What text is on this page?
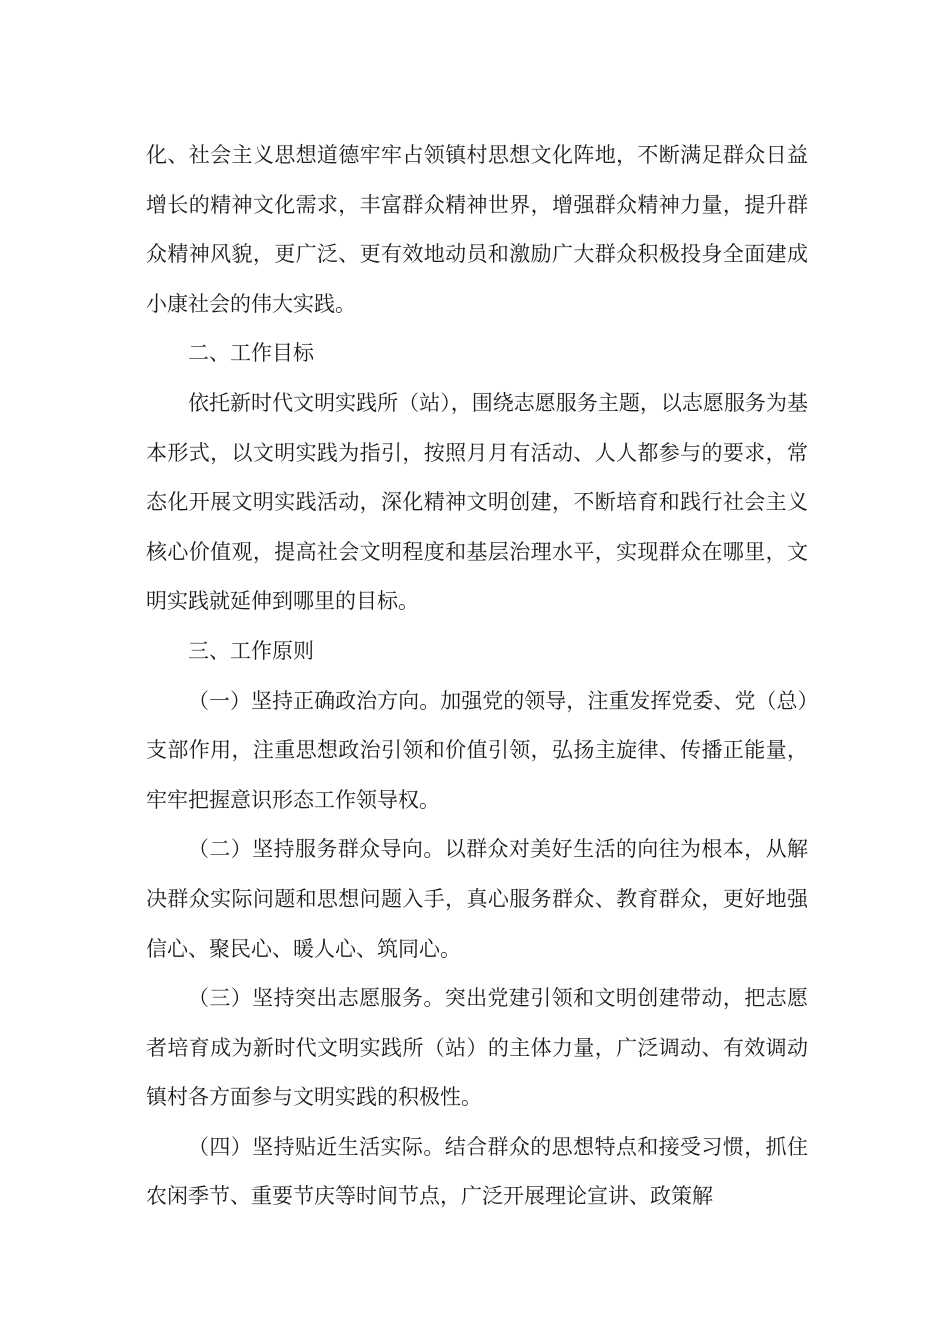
化、社会主义思想道德牢牢占领镇村思想文化阵地，不断满足群众日益增长的精神文化需求，丰富群众精神世界，增强群众精神力量，提升群众精神风貌，更广泛、更有效地动员和激励广大群众积极投身全面建成小康社会的伟大实践。

二、工作目标

依托新时代文明实践所（站），围绕志愿服务主题，以志愿服务为基本形式，以文明实践为指引，按照月月有活动、人人都参与的要求，常态化开展文明实践活动，深化精神文明创建，不断培育和践行社会主义核心价值观，提高社会文明程度和基层治理水平，实现群众在哪里，文明实践就延伸到哪里的目标。

三、工作原则

（一）坚持正确政治方向。加强党的领导，注重发挥党委、党（总）支部作用，注重思想政治引领和价值引领，弘扬主旋律、传播正能量，牢牢把握意识形态工作领导权。

（二）坚持服务群众导向。以群众对美好生活的向往为根本，从解决群众实际问题和思想问题入手，真心服务群众、教育群众，更好地强信心、聚民心、暖人心、筑同心。

（三）坚持突出志愿服务。突出党建引领和文明创建带动，把志愿者培育成为新时代文明实践所（站）的主体力量，广泛调动、有效调动镇村各方面参与文明实践的积极性。

（四）坚持贴近生活实际。结合群众的思想特点和接受习惯，抓住农闲季节、重要节庆等时间节点，广泛开展理论宣讲、政策解
